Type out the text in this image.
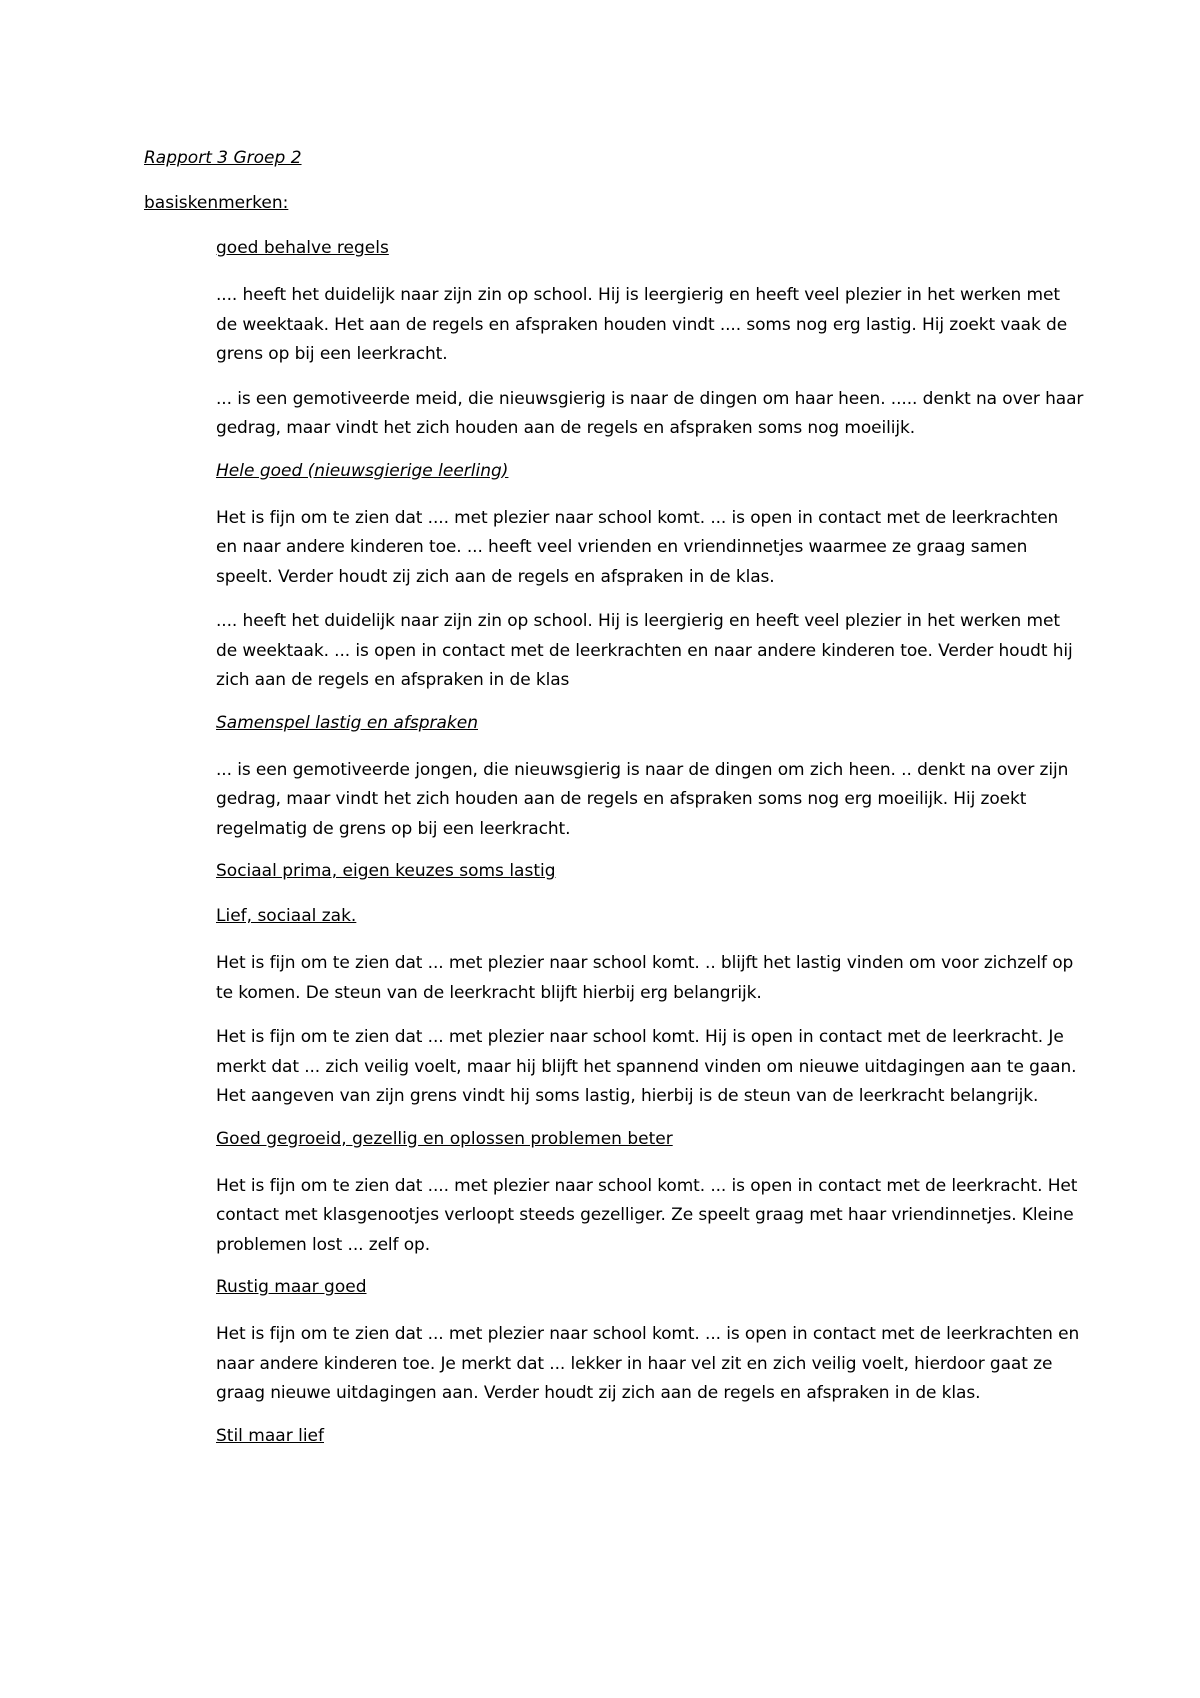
Rapport 3 Groep 2
basiskenmerken:
goed behalve regels
.... heeft het duidelijk naar zijn zin op school. Hij is leergierig en heeft veel plezier in het werken met de weektaak. Het aan de regels en afspraken houden vindt .... soms nog erg lastig. Hij zoekt vaak de grens op bij een leerkracht.
... is een gemotiveerde meid, die nieuwsgierig is naar de dingen om haar heen. ..... denkt na over haar gedrag, maar vindt het zich houden aan de regels en afspraken soms nog moeilijk.
Hele goed (nieuwsgierige leerling)
Het is fijn om te zien dat .... met plezier naar school komt. ... is open in contact met de leerkrachten en naar andere kinderen toe. ... heeft veel vrienden en vriendinnetjes waarmee ze graag samen speelt. Verder houdt zij zich aan de regels en afspraken in de klas.
.... heeft het duidelijk naar zijn zin op school. Hij is leergierig en heeft veel plezier in het werken met de weektaak. ... is open in contact met de leerkrachten en naar andere kinderen toe. Verder houdt hij zich aan de regels en afspraken in de klas
Samenspel lastig en afspraken
... is een gemotiveerde jongen, die nieuwsgierig is naar de dingen om zich heen. .. denkt na over zijn gedrag, maar vindt het zich houden aan de regels en afspraken soms nog erg moeilijk. Hij zoekt regelmatig de grens op bij een leerkracht.
Sociaal prima, eigen keuzes soms lastig
Lief, sociaal zak.
Het is fijn om te zien dat ... met plezier naar school komt. .. blijft het lastig vinden om voor zichzelf op te komen. De steun van de leerkracht blijft hierbij erg belangrijk.
Het is fijn om te zien dat ... met plezier naar school komt. Hij is open in contact met de leerkracht. Je merkt dat ... zich veilig voelt, maar hij blijft het spannend vinden om nieuwe uitdagingen aan te gaan. Het aangeven van zijn grens vindt hij soms lastig, hierbij is de steun van de leerkracht belangrijk.
Goed gegroeid, gezellig en oplossen problemen beter
Het is fijn om te zien dat .... met plezier naar school komt. ... is open in contact met de leerkracht. Het contact met klasgenootjes verloopt steeds gezelliger. Ze speelt graag met haar vriendinnetjes. Kleine problemen lost ... zelf op.
Rustig maar goed
Het is fijn om te zien dat ... met plezier naar school komt. ... is open in contact met de leerkrachten en naar andere kinderen toe. Je merkt dat ... lekker in haar vel zit en zich veilig voelt, hierdoor gaat ze graag nieuwe uitdagingen aan. Verder houdt zij zich aan de regels en afspraken in de klas.
Stil maar lief
